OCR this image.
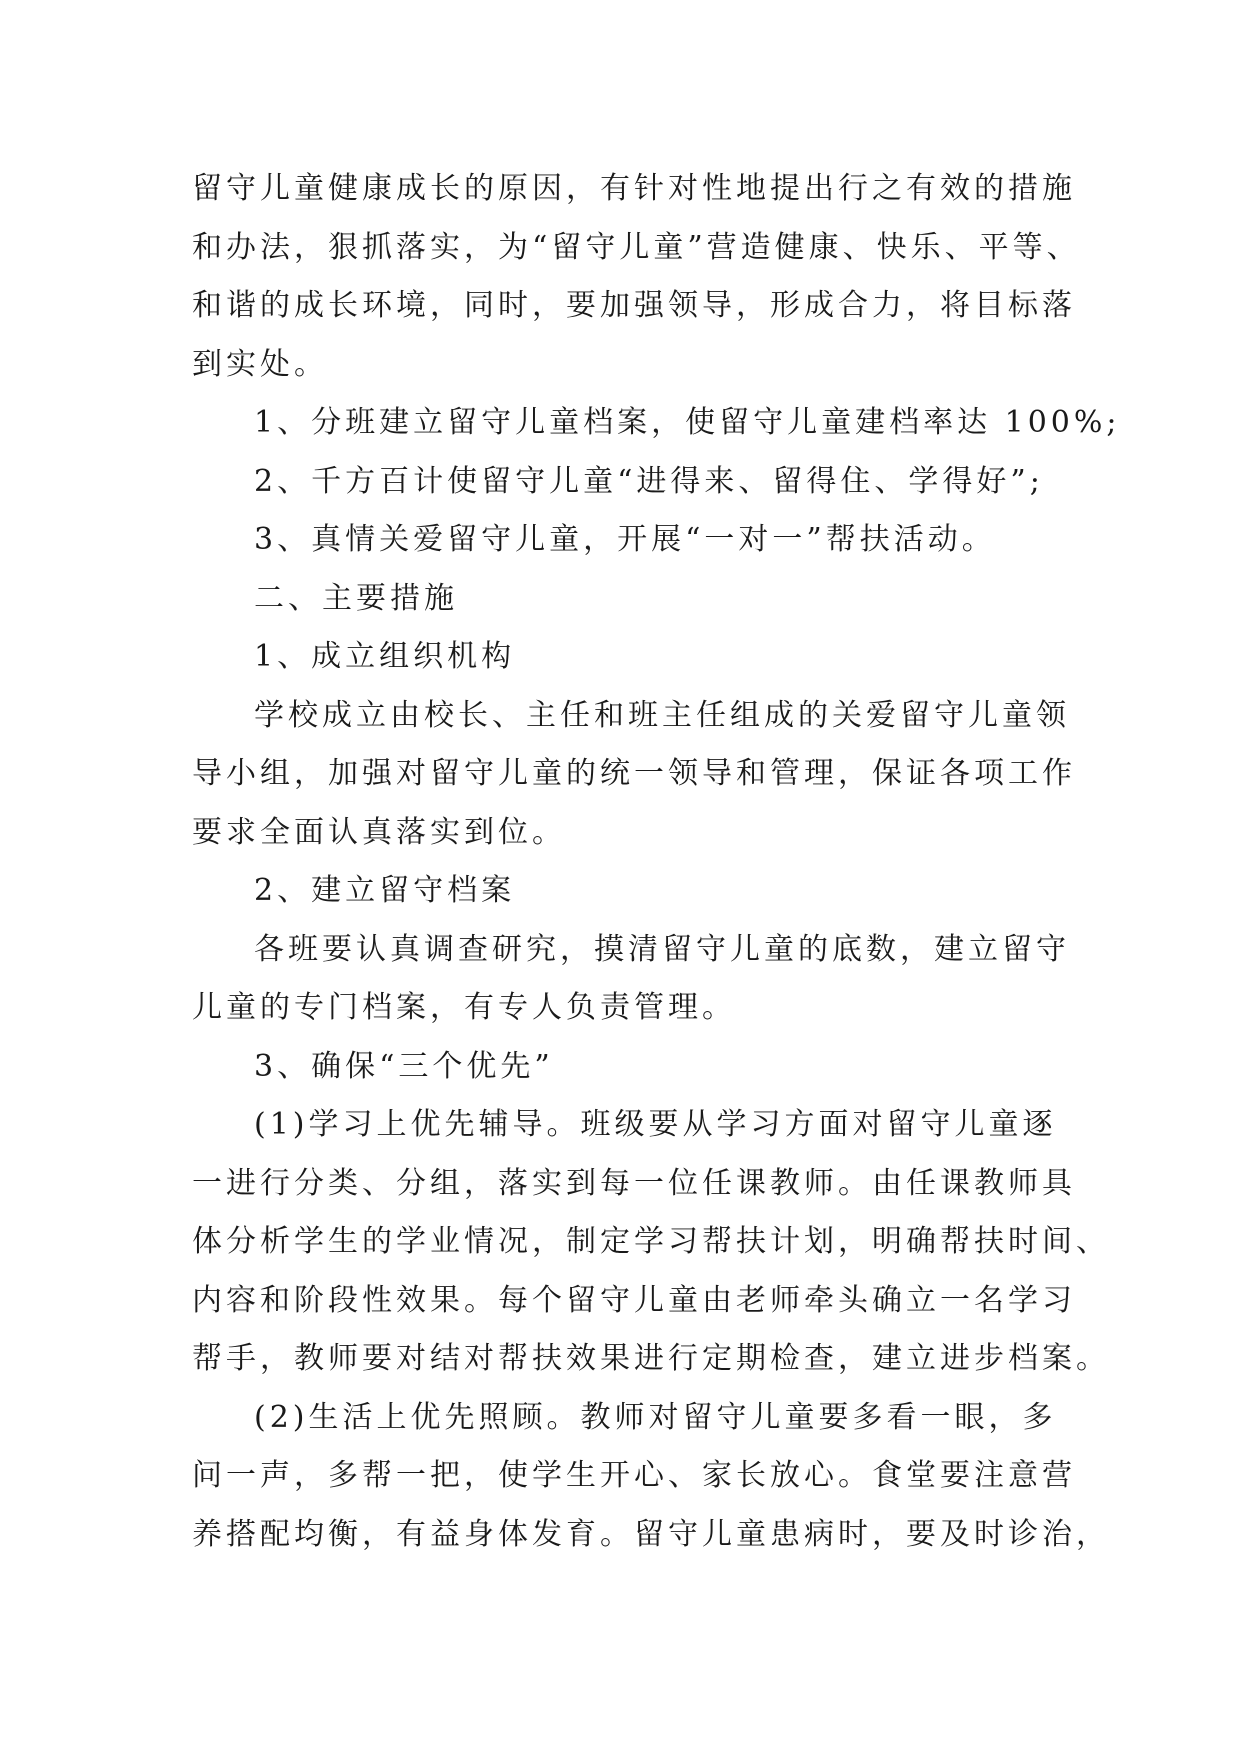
留守儿童健康成长的原因，有针对性地提出行之有效的措施
和办法，狠抓落实，为“留守儿童”营造健康、快乐、平等、
和谐的成长环境，同时，要加强领导，形成合力，将目标落
到实处。
1、分班建立留守儿童档案，使留守儿童建档率达 100%;
2、千方百计使留守儿童“进得来、留得住、学得好”;
3、真情关爱留守儿童，开展“一对一”帮扶活动。
二、主要措施
1、成立组织机构
学校成立由校长、主任和班主任组成的关爱留守儿童领
导小组，加强对留守儿童的统一领导和管理，保证各项工作
要求全面认真落实到位。
2、建立留守档案
各班要认真调查研究，摸清留守儿童的底数，建立留守
儿童的专门档案，有专人负责管理。
3、确保“三个优先”
(1)学习上优先辅导。班级要从学习方面对留守儿童逐
一进行分类、分组，落实到每一位任课教师。由任课教师具
体分析学生的学业情况，制定学习帮扶计划，明确帮扶时间、
内容和阶段性效果。每个留守儿童由老师牵头确立一名学习
帮手，教师要对结对帮扶效果进行定期检查，建立进步档案。
(2)生活上优先照顾。教师对留守儿童要多看一眼，多
问一声，多帮一把，使学生开心、家长放心。食堂要注意营
养搭配均衡，有益身体发育。留守儿童患病时，要及时诊治，
